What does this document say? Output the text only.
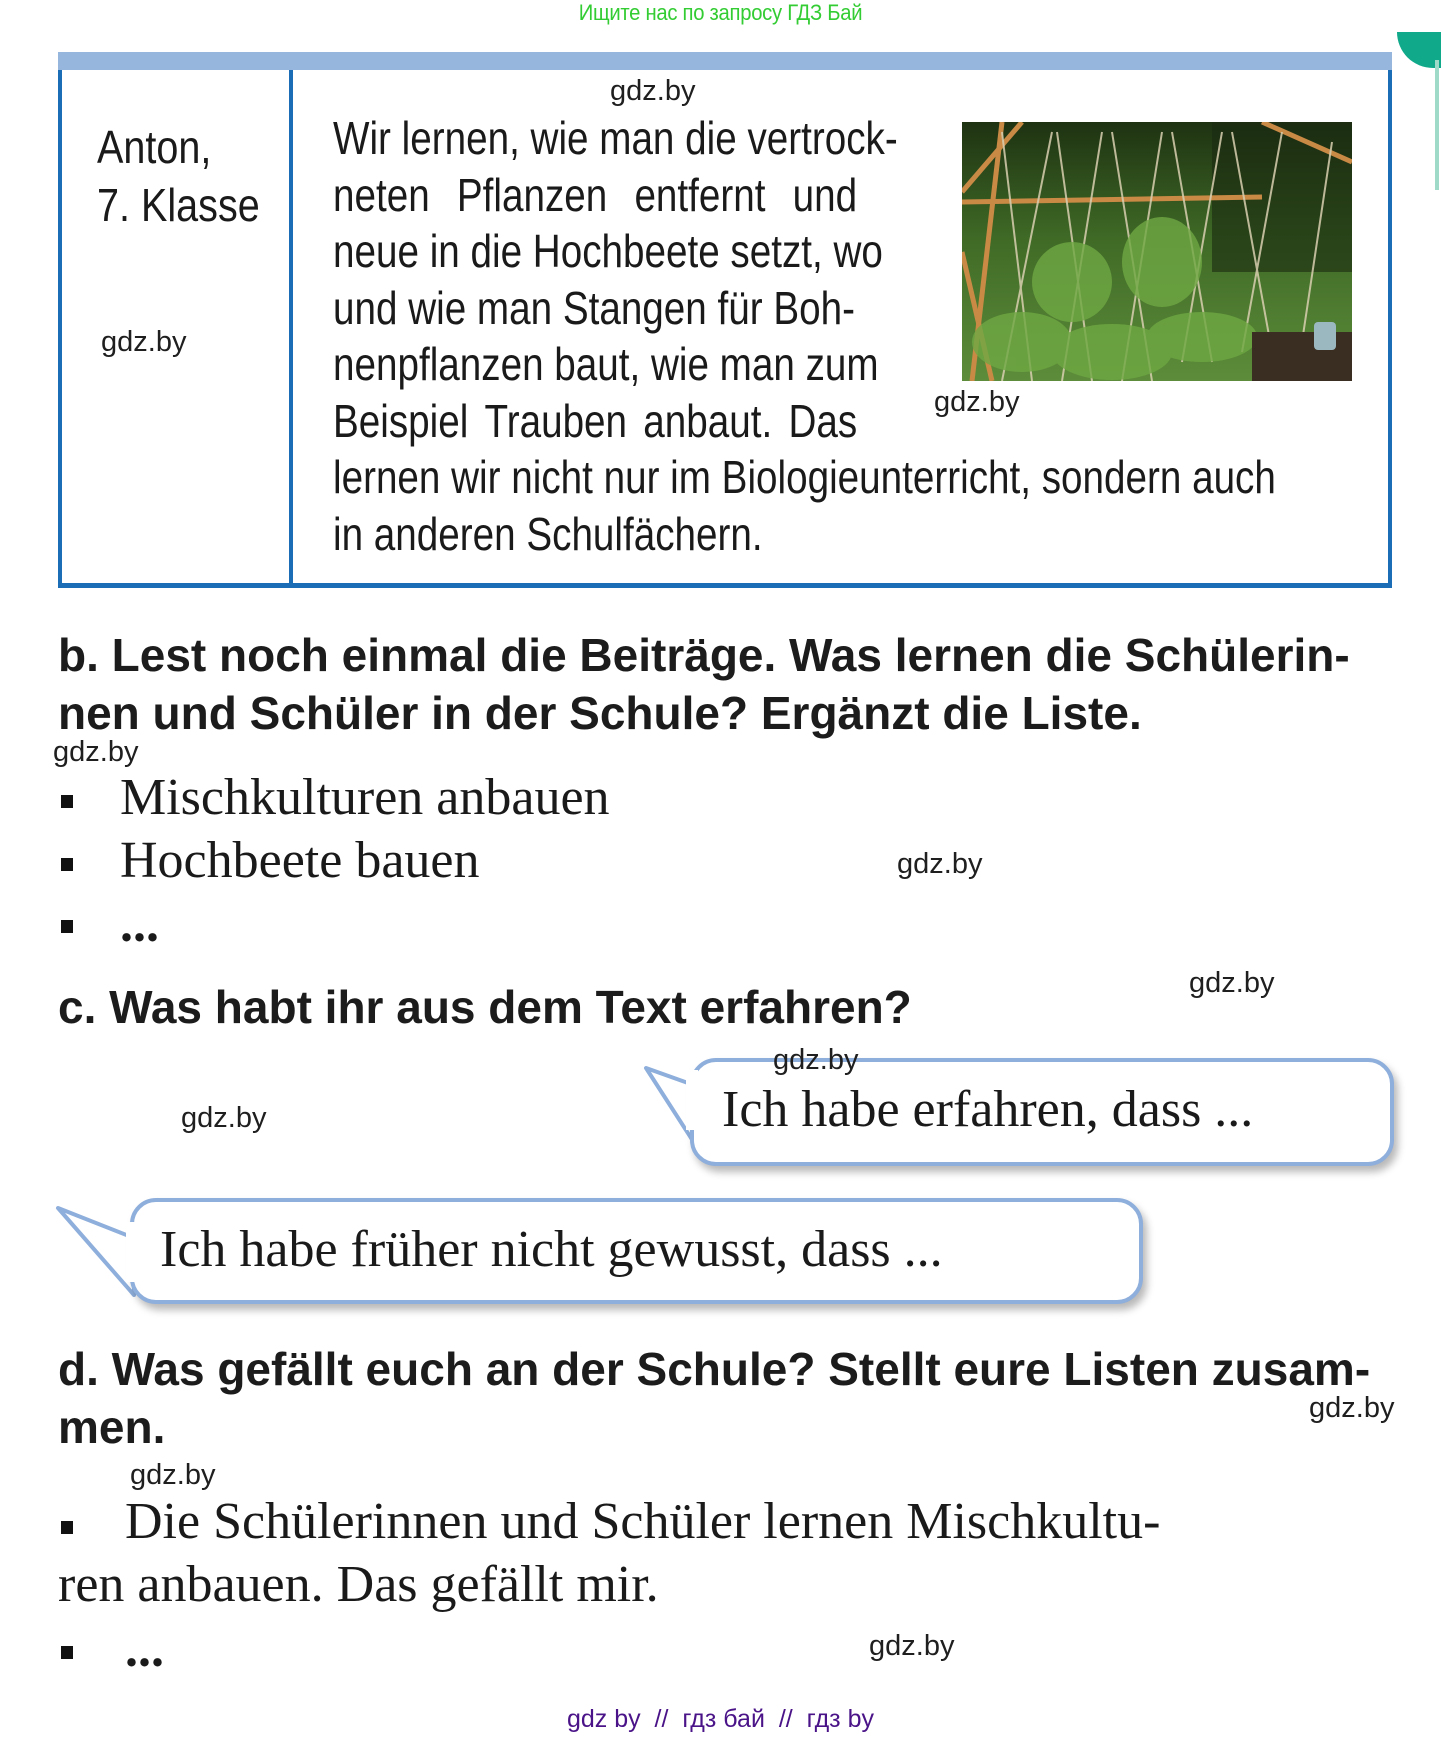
Ищите нас по запросу ГДЗ Бай
Anton,
7. Klasse
gdz.by
gdz.by
gdz.by
Wir lernen, wie man die vertrock-
neten Pflanzen entfernt und
neue in die Hochbeete setzt, wo
und wie man Stangen für Boh-
nenpflanzen baut, wie man zum
Beispiel Trauben anbaut. Das
lernen wir nicht nur im Biologieunterricht, sondern auch
in anderen Schulfächern.
b. Lest noch einmal die Beiträge. Was lernen die Schülerin-
nen und Schüler in der Schule? Ergänzt die Liste.
gdz.by
Mischkulturen anbauen
Hochbeete bauen	gdz.by
...
gdz.by
c. Was habt ihr aus dem Text erfahren?
gdz.by	Ich habe erfahren, dass ...
gdz.by
Ich habe früher nicht gewusst, dass ...
d. Was gefällt euch an der Schule? Stellt eure Listen zusam-
men.	gdz.by
gdz.by
Die Schülerinnen und Schüler lernen Mischkultu-
ren anbauen. Das gefällt mir.
...	gdz.by
gdz by  //  гдз бай  //  гдз by
